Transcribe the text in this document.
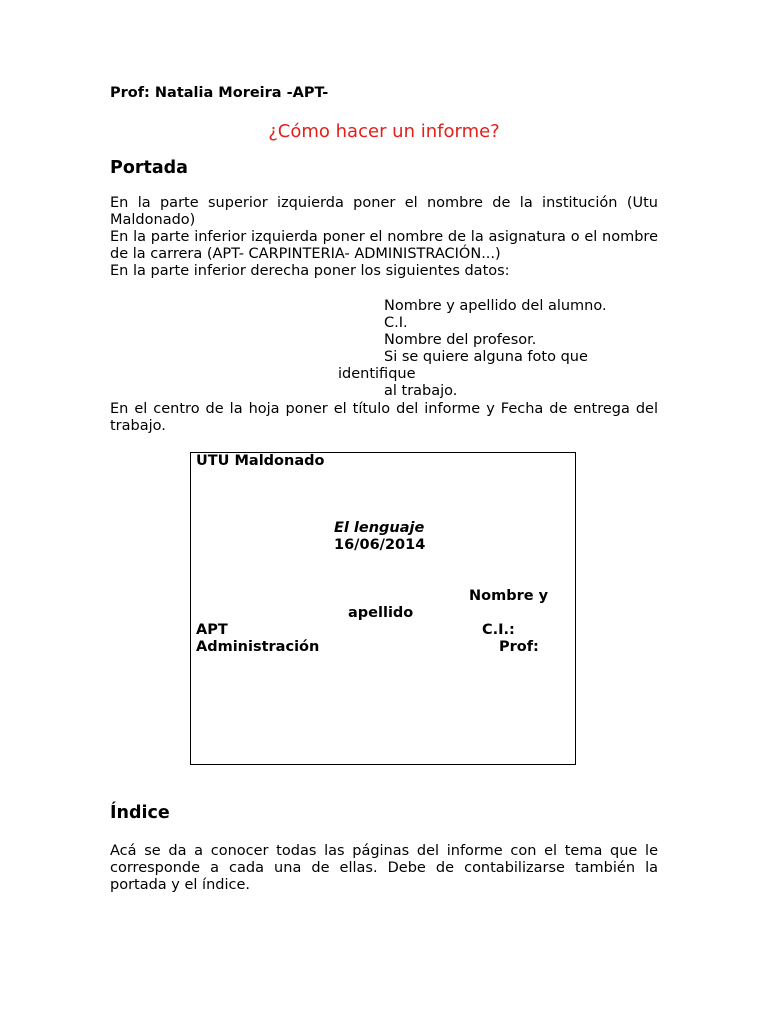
Prof: Natalia Moreira -APT-
¿Cómo hacer un informe?
Portada
En la parte superior izquierda poner el nombre de la institución (Utu Maldonado)
En la parte inferior izquierda poner el nombre de la asignatura o el nombre de la carrera (APT- CARPINTERIA- ADMINISTRACIÓN...)
En la parte inferior derecha poner los siguientes datos:
Nombre y apellido del alumno.
C.I.
Nombre del profesor.
Si se quiere alguna foto que
identifique
al trabajo.
En el centro de la hoja poner el título del informe y Fecha de entrega del trabajo.
UTU Maldonado
El lenguaje
16/06/2014
Nombre y
apellido
APT
Administración
C.I.:
Prof:
Índice
Acá se da a conocer todas las páginas del informe con el tema que le corresponde a cada una de ellas. Debe de contabilizarse también la portada y el índice.
